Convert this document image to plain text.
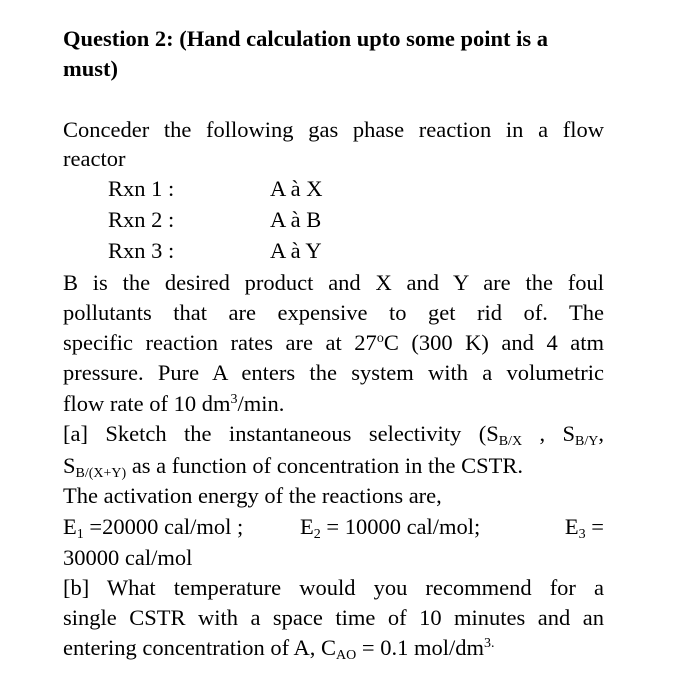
Question 2: (Hand calculation upto some point is a
must)
Conceder the following gas phase reaction in a flow
reactor
Rxn 1 :	A à X
Rxn 2 :	A à B
Rxn 3 :	A à Y
B is the desired product and X and Y are the foul
pollutants that are expensive to get rid of. The
specific reaction rates are at 27$^o$C (300 K) and 4 atm
pressure. Pure A enters the system with a volumetric
flow rate of 10 $dm^3/\min$.
[a] Sketch the instantaneous selectivity ($S_{B/X}$ , $S_{B/Y}$,
$S_{B/(X+Y)}$ as a function of concentration in the CSTR.
The activation energy of the reactions are,
$E_1 =20000$ cal/mol ;	$E_2 = 10000$ cal/mol;	$E_3$ =
30000 cal/mol
[b] What temperature would you recommend for a
single CSTR with a space time of 10 minutes and an
entering concentration of A, $C_{AO} = 0.1$ mol/$dm^{3.}$
